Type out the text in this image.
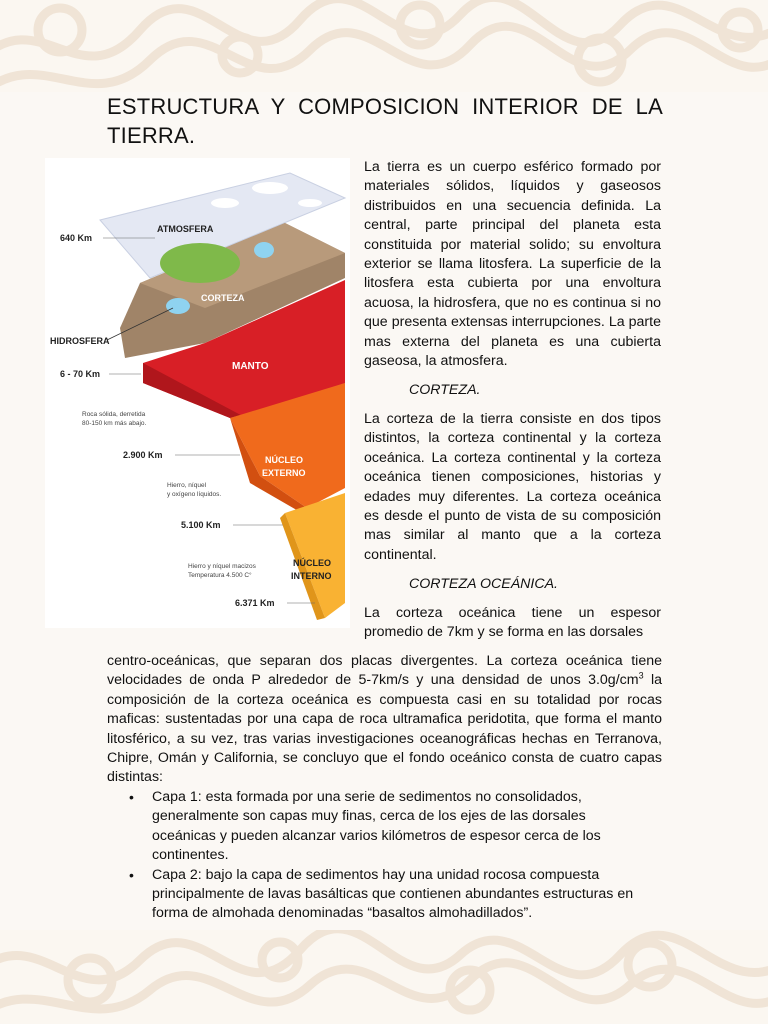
ESTRUCTURA Y COMPOSICION INTERIOR DE LA TIERRA.
ATMOSFERA
CORTEZA
MANTO
NÚCLEO
EXTERNO
NÚCLEO
INTERNO
HIDROSFERA
640 Km
6 - 70 Km
2.900 Km
5.100 Km
6.371 Km
Roca sólida, derretida
80-150 km más abajo.
Hierro, níquel
y oxígeno líquidos.
Hierro y níquel macizos
Temperatura 4.500 C°

La tierra es un cuerpo esférico formado por materiales sólidos, líquidos y gaseosos distribuidos en una secuencia definida. La central, parte principal del planeta esta constituida por material solido; su envoltura exterior se llama litosfera. La superficie de la litosfera esta cubierta por una envoltura acuosa, la hidrosfera, que no es continua si no que presenta extensas interrupciones. La parte mas externa del planeta es una cubierta gaseosa, la atmosfera.

CORTEZA.

La corteza de la tierra consiste en dos tipos distintos, la corteza continental y la corteza oceánica. La corteza continental y la corteza oceánica tienen composiciones, historias y edades muy diferentes. La corteza oceánica es desde el punto de vista de su composición mas similar al manto que a la corteza continental.

CORTEZA OCEÁNICA.

La corteza oceánica tiene un espesor promedio de 7km y se forma en las dorsales

centro-oceánicas, que separan dos placas divergentes. La corteza oceánica tiene velocidades de onda P alrededor de 5-7km/s y una densidad de unos $3.0g/cm^3$ la composición de la corteza oceánica es compuesta casi en su totalidad por rocas maficas: sustentadas por una capa de roca ultramafica peridotita, que forma el manto litosférico, a su vez, tras varias investigaciones oceanográficas hechas en Terranova, Chipre, Omán y California, se concluyo que el fondo oceánico consta de cuatro capas distintas:

• Capa 1: esta formada por una serie de sedimentos no consolidados, generalmente son capas muy finas, cerca de los ejes de las dorsales oceánicas y pueden alcanzar varios kilómetros de espesor cerca de los continentes.
• Capa 2: bajo la capa de sedimentos hay una unidad rocosa compuesta principalmente de lavas basálticas que contienen abundantes estructuras en forma de almohada denominadas “basaltos almohadillados”.
